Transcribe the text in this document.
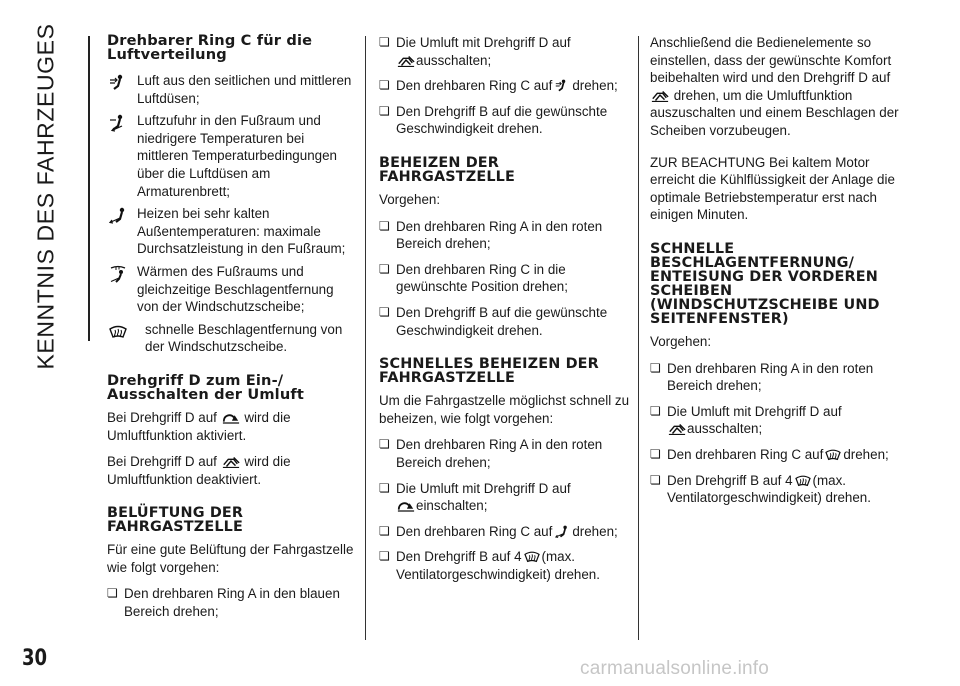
KENNTNIS DES FAHRZEUGES	Drehbarer Ring C für die Luftverteilung
Luft aus den seitlichen und mittleren Luftdüsen;
Luftzufuhr in den Fußraum und niedrigere Temperaturen bei mittleren Temperaturbedingungen über die Luftdüsen am Armaturenbrett;
Heizen bei sehr kalten Außentemperaturen: maximale Durchsatzleistung in den Fußraum;
Wärmen des Fußraums und gleichzeitige Beschlagentfernung von der Windschutzscheibe;
schnelle Beschlagentfernung von der Windschutzscheibe.
Drehgriff D zum Ein-/ Ausschalten der Umluft
Bei Drehgriff D auf wird die Umluftfunktion aktiviert.
Bei Drehgriff D auf wird die Umluftfunktion deaktiviert.
BELÜFTUNG DER FAHRGASTZELLE
Für eine gute Belüftung der Fahrgastzelle wie folgt vorgehen:
❏ Den drehbaren Ring A in den blauen Bereich drehen;
❏ Die Umluft mit Drehgriff D auf
ausschalten;
❏ Den drehbaren Ring C auf drehen;
❏ Den Drehgriff B auf die gewünschte Geschwindigkeit drehen.
BEHEIZEN DER FAHRGASTZELLE
Vorgehen:
❏ Den drehbaren Ring A in den roten Bereich drehen;
❏ Den drehbaren Ring C in die gewünschte Position drehen;
❏ Den Drehgriff B auf die gewünschte Geschwindigkeit drehen.
SCHNELLES BEHEIZEN DER FAHRGASTZELLE
Um die Fahrgastzelle möglichst schnell zu beheizen, wie folgt vorgehen:
❏ Den drehbaren Ring A in den roten Bereich drehen;
❏ Die Umluft mit Drehgriff D auf
einschalten;
❏ Den drehbaren Ring C auf drehen;
❏ Den Drehgriff B auf 4 (max. Ventilatorgeschwindigkeit) drehen.
Anschließend die Bedienelemente so einstellen, dass der gewünschte Komfort beibehalten wird und den Drehgriff D auf
drehen, um die Umluftfunktion auszuschalten und einem Beschlagen der Scheiben vorzubeugen.
ZUR BEACHTUNG Bei kaltem Motor erreicht die Kühlflüssigkeit der Anlage die optimale Betriebstemperatur erst nach einigen Minuten.
SCHNELLE BESCHLAGENTFERNUNG/ ENTEISUNG DER VORDEREN SCHEIBEN (WINDSCHUTZSCHEIBE UND SEITENFENSTER)
Vorgehen:
❏ Den drehbaren Ring A in den roten Bereich drehen;
❏ Die Umluft mit Drehgriff D auf
ausschalten;
❏ Den drehbaren Ring C auf drehen;
❏ Den Drehgriff B auf 4 (max. Ventilatorgeschwindigkeit) drehen.
30	carmanualsonline.info
